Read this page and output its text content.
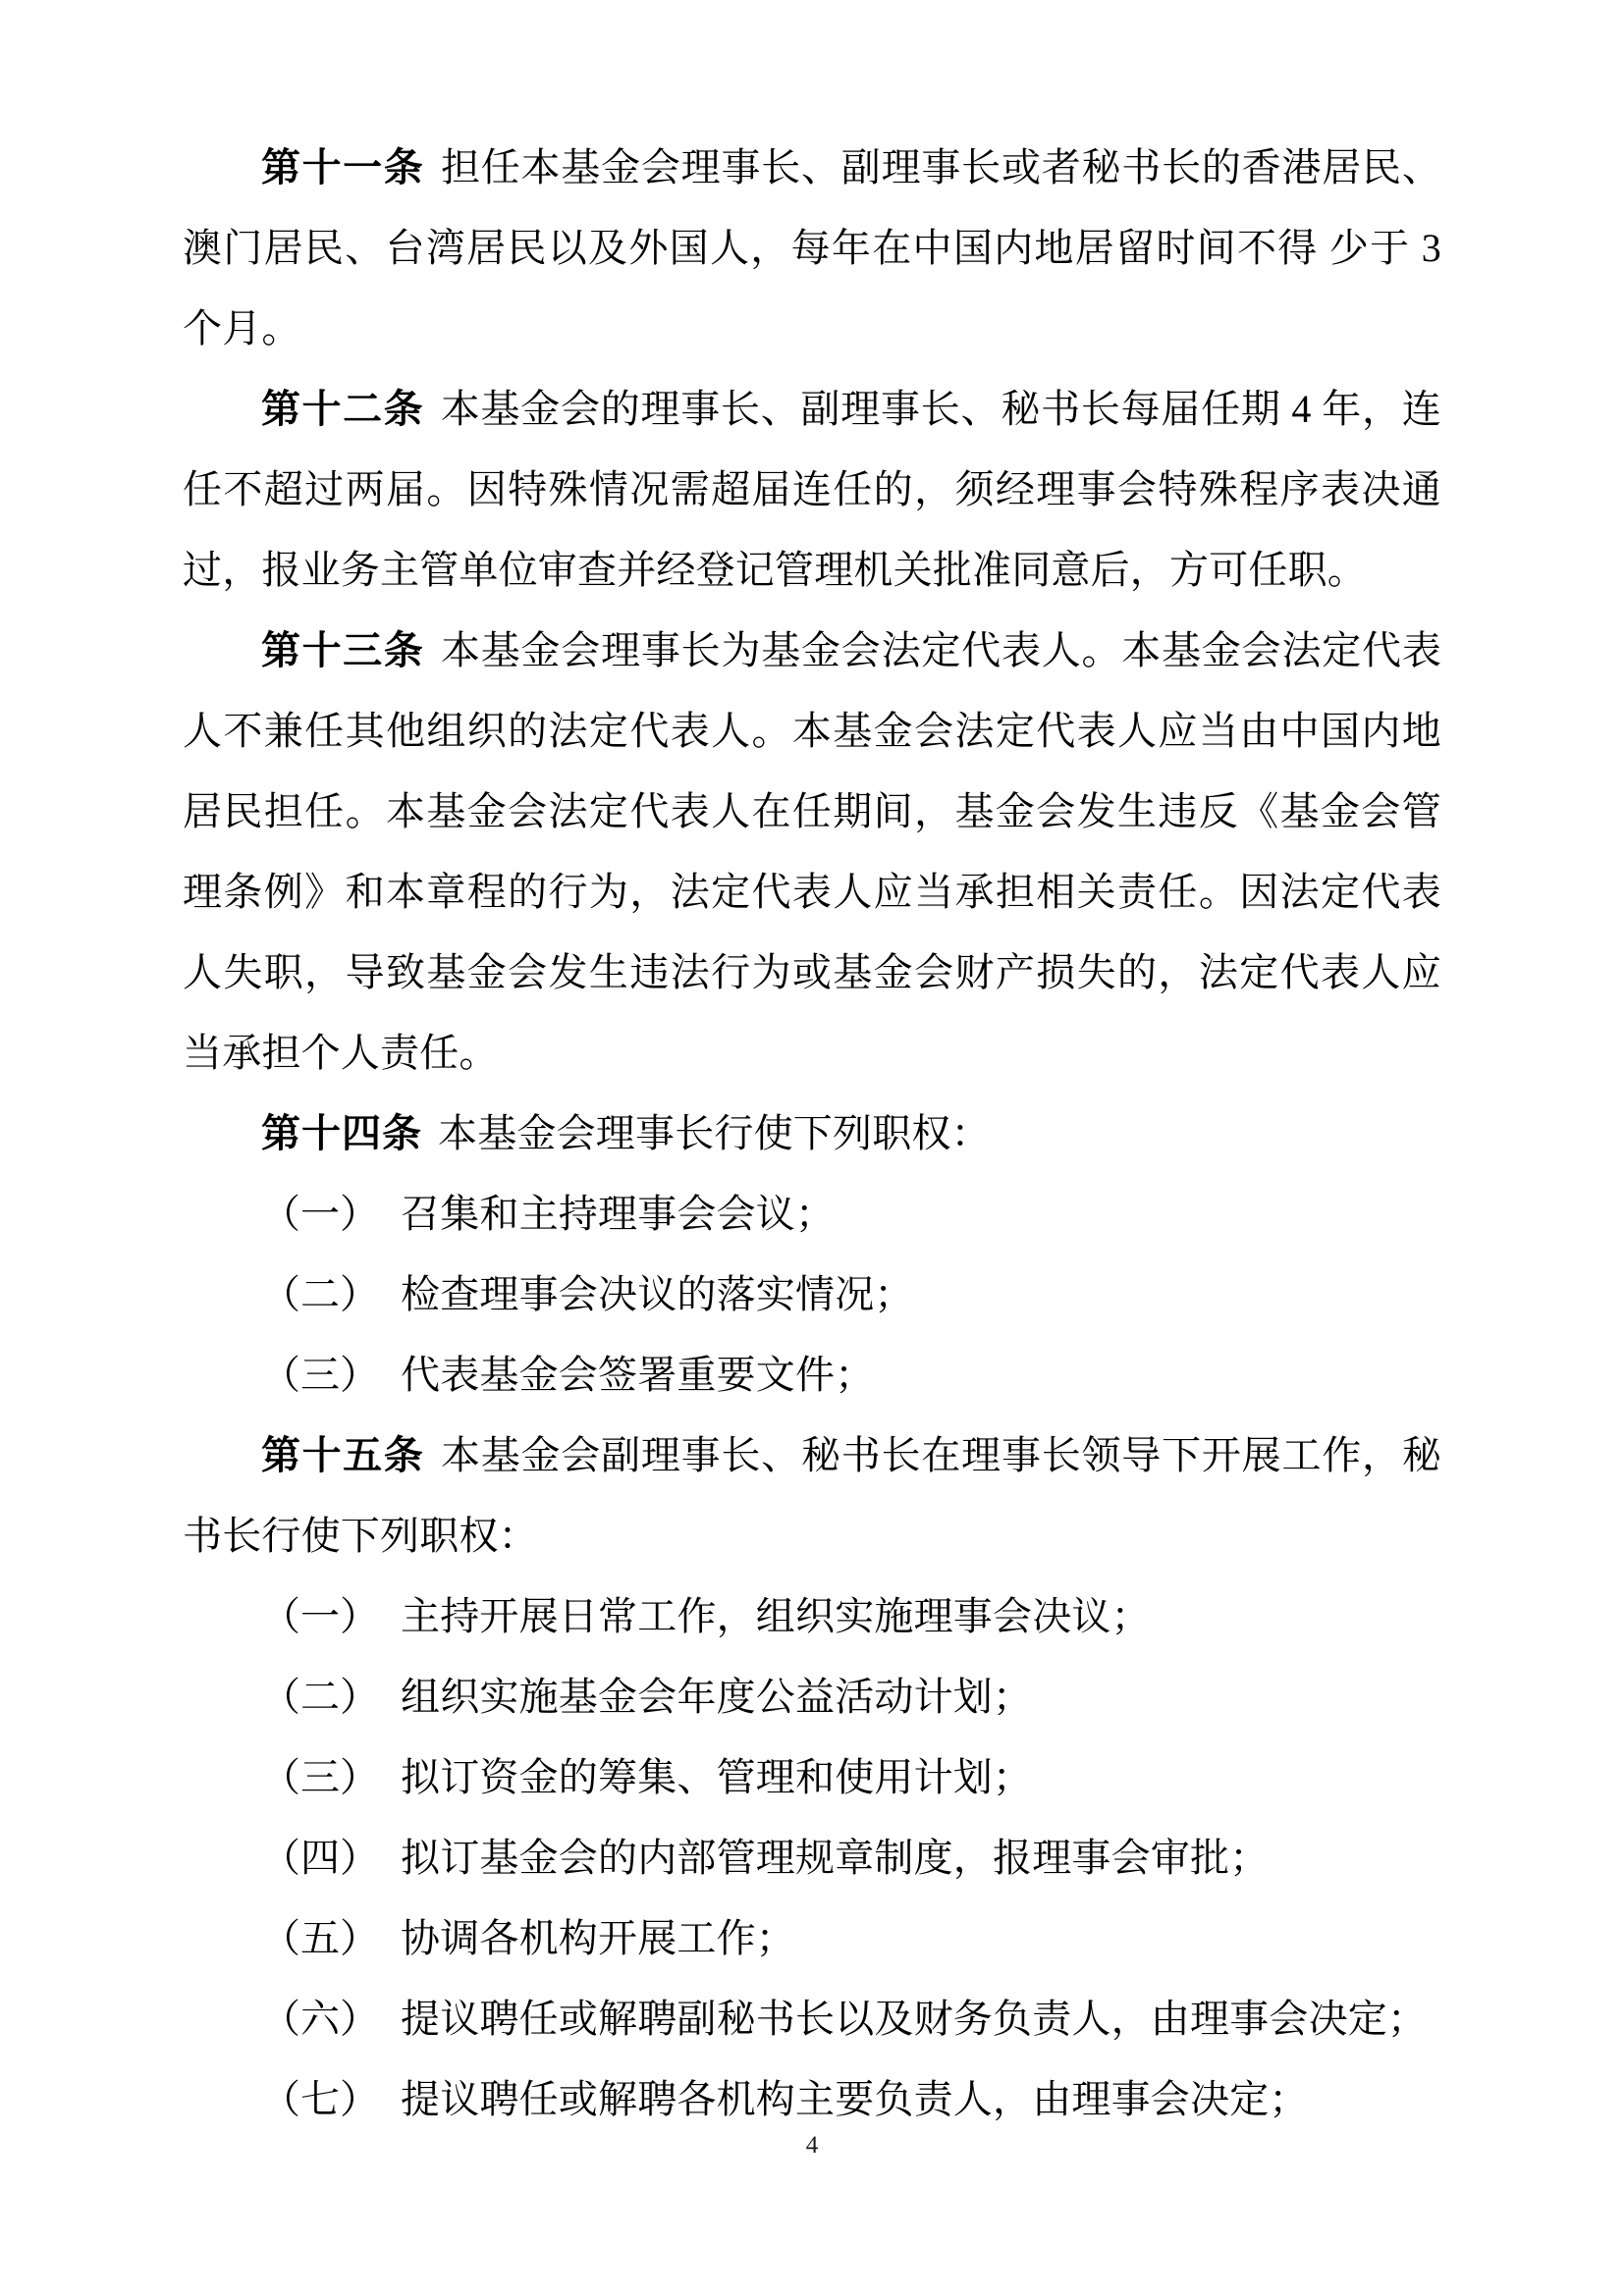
第十一条 担任本基金会理事长、副理事长或者秘书长的香港居民、澳门居民、台湾居民以及外国人，每年在中国内地居留时间不得 少于 3 个月。

第十二条 本基金会的理事长、副理事长、秘书长每届任期 4 年，连任不超过两届。因特殊情况需超届连任的，须经理事会特殊程序表决通过，报业务主管单位审查并经登记管理机关批准同意后，方可任职。

第十三条 本基金会理事长为基金会法定代表人。本基金会法定代表人不兼任其他组织的法定代表人。本基金会法定代表人应当由中国内地居民担任。本基金会法定代表人在任期间，基金会发生违反《基金会管理条例》和本章程的行为，法定代表人应当承担相关责任。因法定代表人失职，导致基金会发生违法行为或基金会财产损失的，法定代表人应当承担个人责任。

第十四条 本基金会理事长行使下列职权：

（一） 召集和主持理事会会议；

（二） 检查理事会决议的落实情况；

（三） 代表基金会签署重要文件；

第十五条 本基金会副理事长、秘书长在理事长领导下开展工作，秘书长行使下列职权：

（一） 主持开展日常工作，组织实施理事会决议；

（二） 组织实施基金会年度公益活动计划；

（三） 拟订资金的筹集、管理和使用计划；

（四） 拟订基金会的内部管理规章制度，报理事会审批；

（五） 协调各机构开展工作；

（六） 提议聘任或解聘副秘书长以及财务负责人，由理事会决定；

（七） 提议聘任或解聘各机构主要负责人，由理事会决定；

4
